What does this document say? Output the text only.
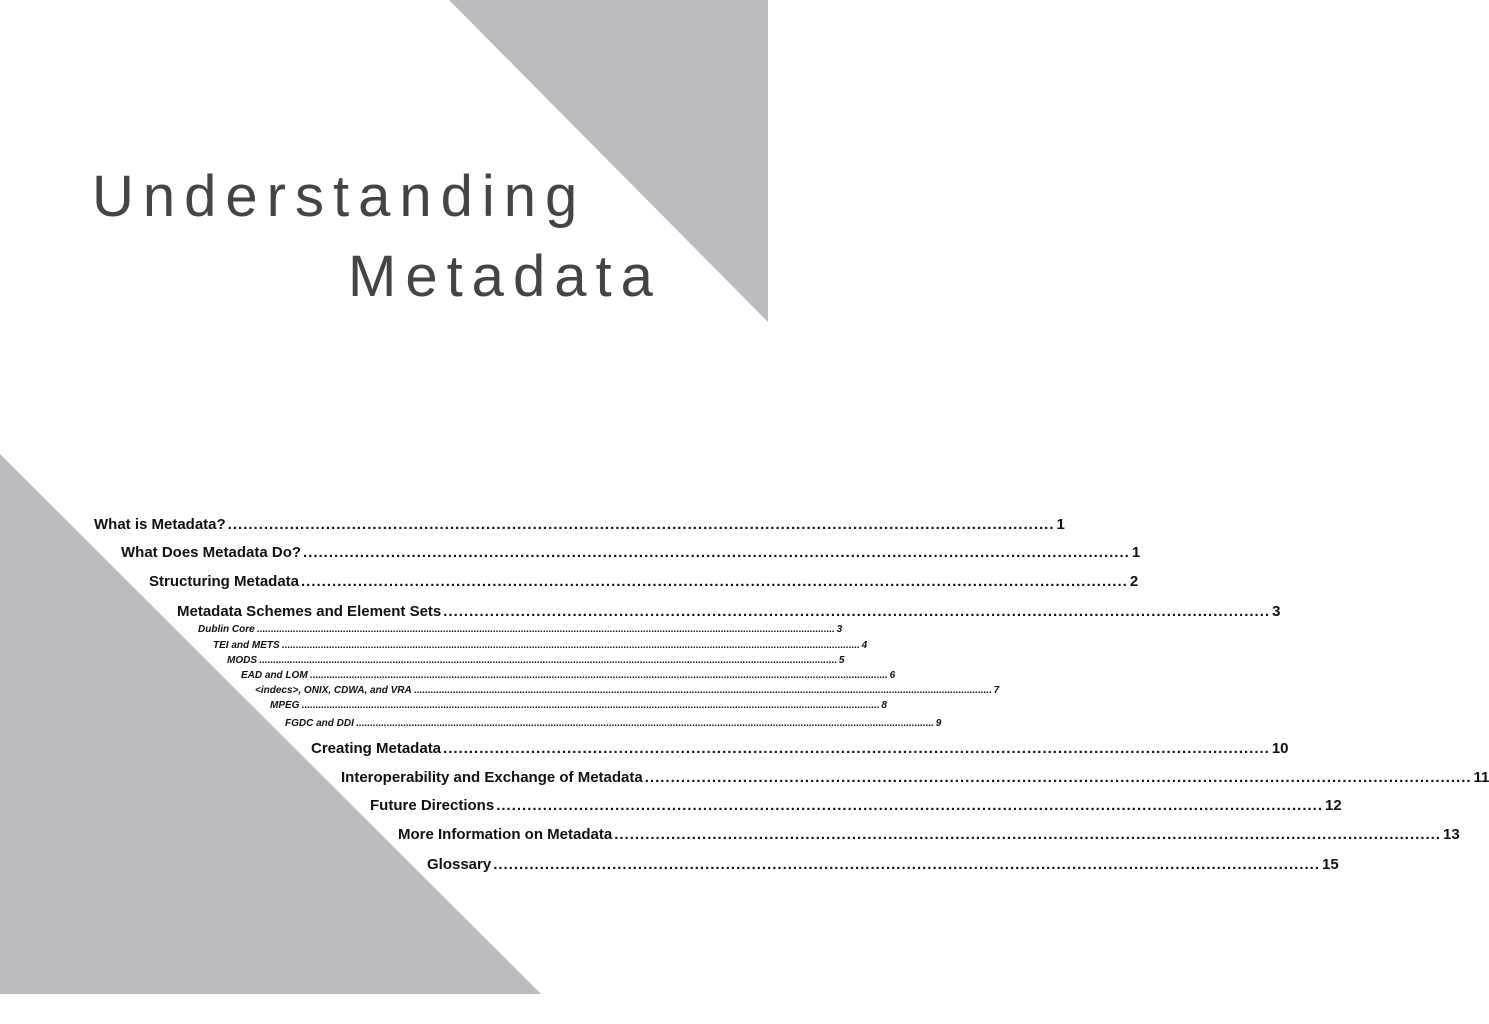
Understanding
Metadata
What is Metadata? ................................................................................................................................................................ 1
What Does Metadata Do? ................................................................................................................................................................ 1
Structuring Metadata ................................................................................................................................................................ 2
Metadata Schemes and Element Sets ................................................................................................................................................................ 3
Dublin Core ................................................................................................................................................................................................................ 3
TEI and METS ................................................................................................................................................................................................................ 4
MODS ................................................................................................................................................................................................................ 5
EAD and LOM ................................................................................................................................................................................................................ 6
<indecs>, ONIX, CDWA, and VRA ................................................................................................................................................................................................................ 7
MPEG ................................................................................................................................................................................................................ 8
FGDC and DDI ................................................................................................................................................................................................................ 9
Creating Metadata ................................................................................................................................................................ 10
Interoperability and Exchange of Metadata ................................................................................................................................................................ 11
Future Directions ................................................................................................................................................................ 12
More Information on Metadata ................................................................................................................................................................ 13
Glossary ................................................................................................................................................................ 15
